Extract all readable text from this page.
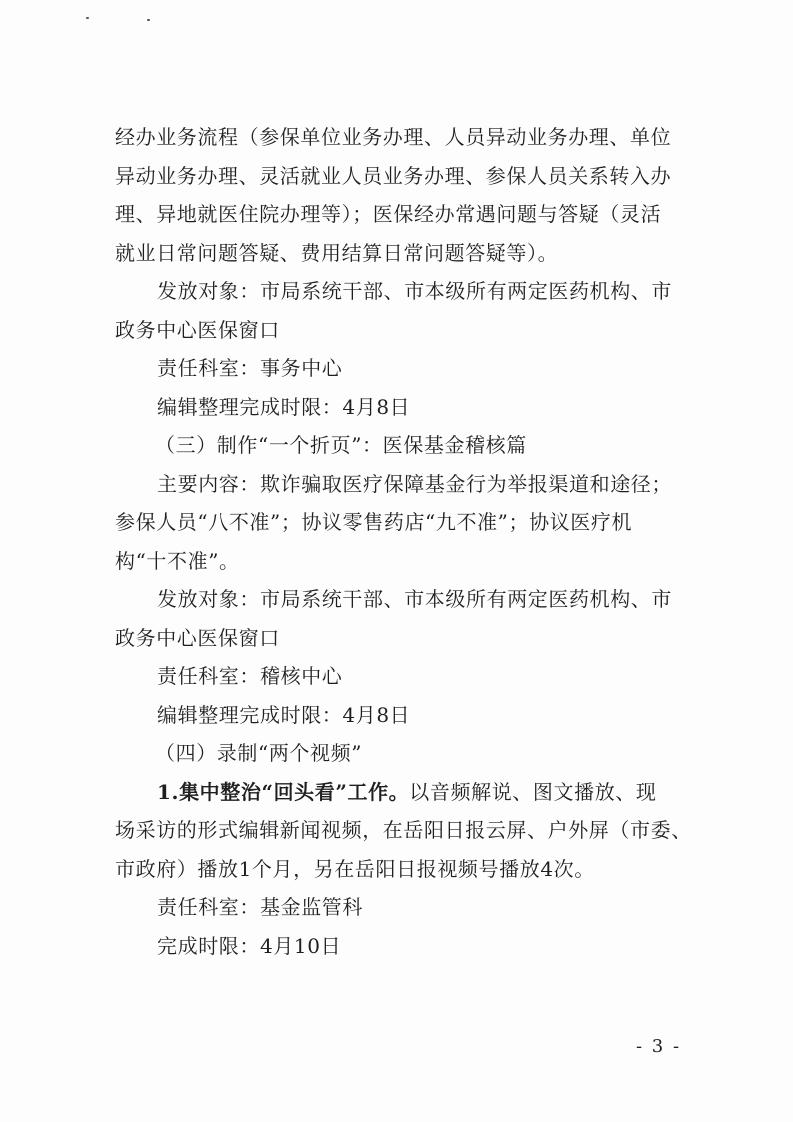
经办业务流程（参保单位业务办理、人员异动业务办理、单位
异动业务办理、灵活就业人员业务办理、参保人员关系转入办
理、异地就医住院办理等）；医保经办常遇问题与答疑（灵活
就业日常问题答疑、费用结算日常问题答疑等）。
发放对象：市局系统干部、市本级所有两定医药机构、市
政务中心医保窗口
责任科室：事务中心
编辑整理完成时限：4月8日
（三）制作“一个折页”：医保基金稽核篇
主要内容：欺诈骗取医疗保障基金行为举报渠道和途径；
参保人员“八不准”；协议零售药店“九不准”；协议医疗机
构“十不准”。
发放对象：市局系统干部、市本级所有两定医药机构、市
政务中心医保窗口
责任科室：稽核中心
编辑整理完成时限：4月8日
（四）录制“两个视频”
1.集中整治“回头看”工作。以音频解说、图文播放、现
场采访的形式编辑新闻视频，在岳阳日报云屏、户外屏（市委、
市政府）播放1个月，另在岳阳日报视频号播放4次。
责任科室：基金监管科
完成时限：4月10日
- 3 -
